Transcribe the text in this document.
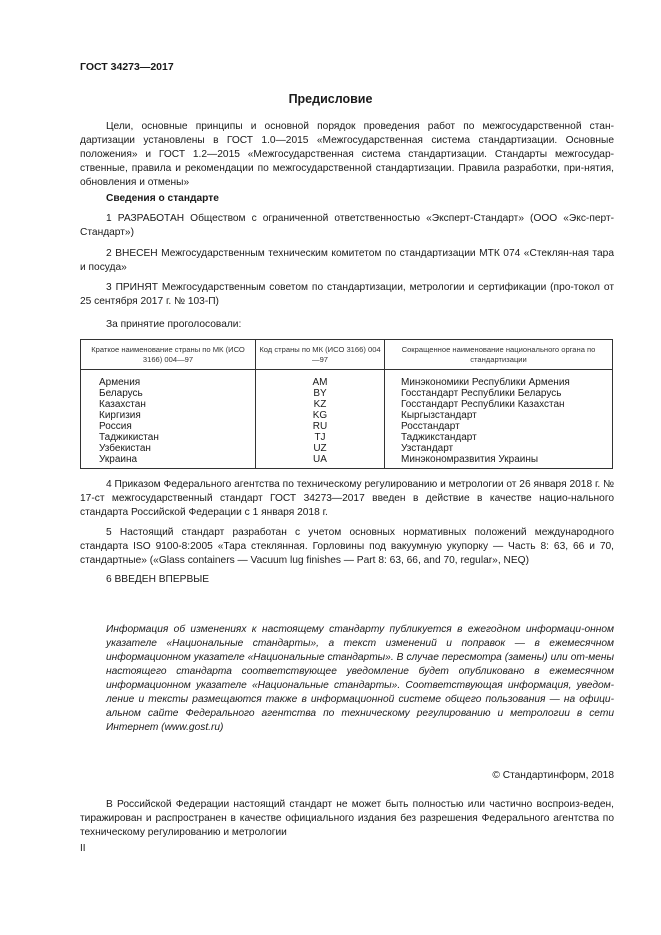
ГОСТ 34273—2017
Предисловие
Цели, основные принципы и основной порядок проведения работ по межгосударственной стан-дартизации установлены в ГОСТ 1.0—2015 «Межгосударственная система стандартизации. Основные положения» и ГОСТ 1.2—2015 «Межгосударственная система стандартизации. Стандарты межгосудар-ственные, правила и рекомендации по межгосударственной стандартизации. Правила разработки, при-нятия, обновления и отмены»
Сведения о стандарте
1 РАЗРАБОТАН Обществом с ограниченной ответственностью «Эксперт-Стандарт» (ООО «Экс-перт-Стандарт»)
2 ВНЕСЕН Межгосударственным техническим комитетом по стандартизации МТК 074 «Стеклян-ная тара и посуда»
3 ПРИНЯТ Межгосударственным советом по стандартизации, метрологии и сертификации (про-токол от 25 сентября 2017 г. № 103-П)
За принятие проголосовали:
Краткое наименование страны по МК (ИСО 3166) 004—97	Код страны по МК (ИСО 3166) 004—97	Сокращенное наименование национального органа по стандартизации
Армения	AM	Минэкономики Республики Армения
Беларусь	BY	Госстандарт Республики Беларусь
Казахстан	KZ	Госстандарт Республики Казахстан
Киргизия	KG	Кыргызстандарт
Россия	RU	Росстандарт
Таджикистан	TJ	Таджикстандарт
Узбекистан	UZ	Узстандарт
Украина	UA	Минэкономразвития Украины
4 Приказом Федерального агентства по техническому регулированию и метрологии от 26 января 2018 г. № 17-ст межгосударственный стандарт ГОСТ 34273—2017 введен в действие в качестве нацио-нального стандарта Российской Федерации с 1 января 2018 г.
5 Настоящий стандарт разработан с учетом основных нормативных положений международного стандарта ISO 9100-8:2005 «Тара стеклянная. Горловины под вакуумную укупорку — Часть 8: 63, 66 и 70, стандартные» («Glass containers — Vacuum lug finishes — Part 8: 63, 66, and 70, regular», NEQ)
6 ВВЕДЕН ВПЕРВЫЕ
Информация об изменениях к настоящему стандарту публикуется в ежегодном информаци-онном указателе «Национальные стандарты», а текст изменений и поправок — в ежемесячном информационном указателе «Национальные стандарты». В случае пересмотра (замены) или от-мены настоящего стандарта соответствующее уведомление будет опубликовано в ежемесячном информационном указателе «Национальные стандарты». Соответствующая информация, уведом-ление и тексты размещаются также в информационной системе общего пользования — на офици-альном сайте Федерального агентства по техническому регулированию и метрологии в сети Интернет (www.gost.ru)
© Стандартинформ, 2018
В Российской Федерации настоящий стандарт не может быть полностью или частично воспроиз-веден, тиражирован и распространен в качестве официального издания без разрешения Федерального агентства по техническому регулированию и метрологии
II
